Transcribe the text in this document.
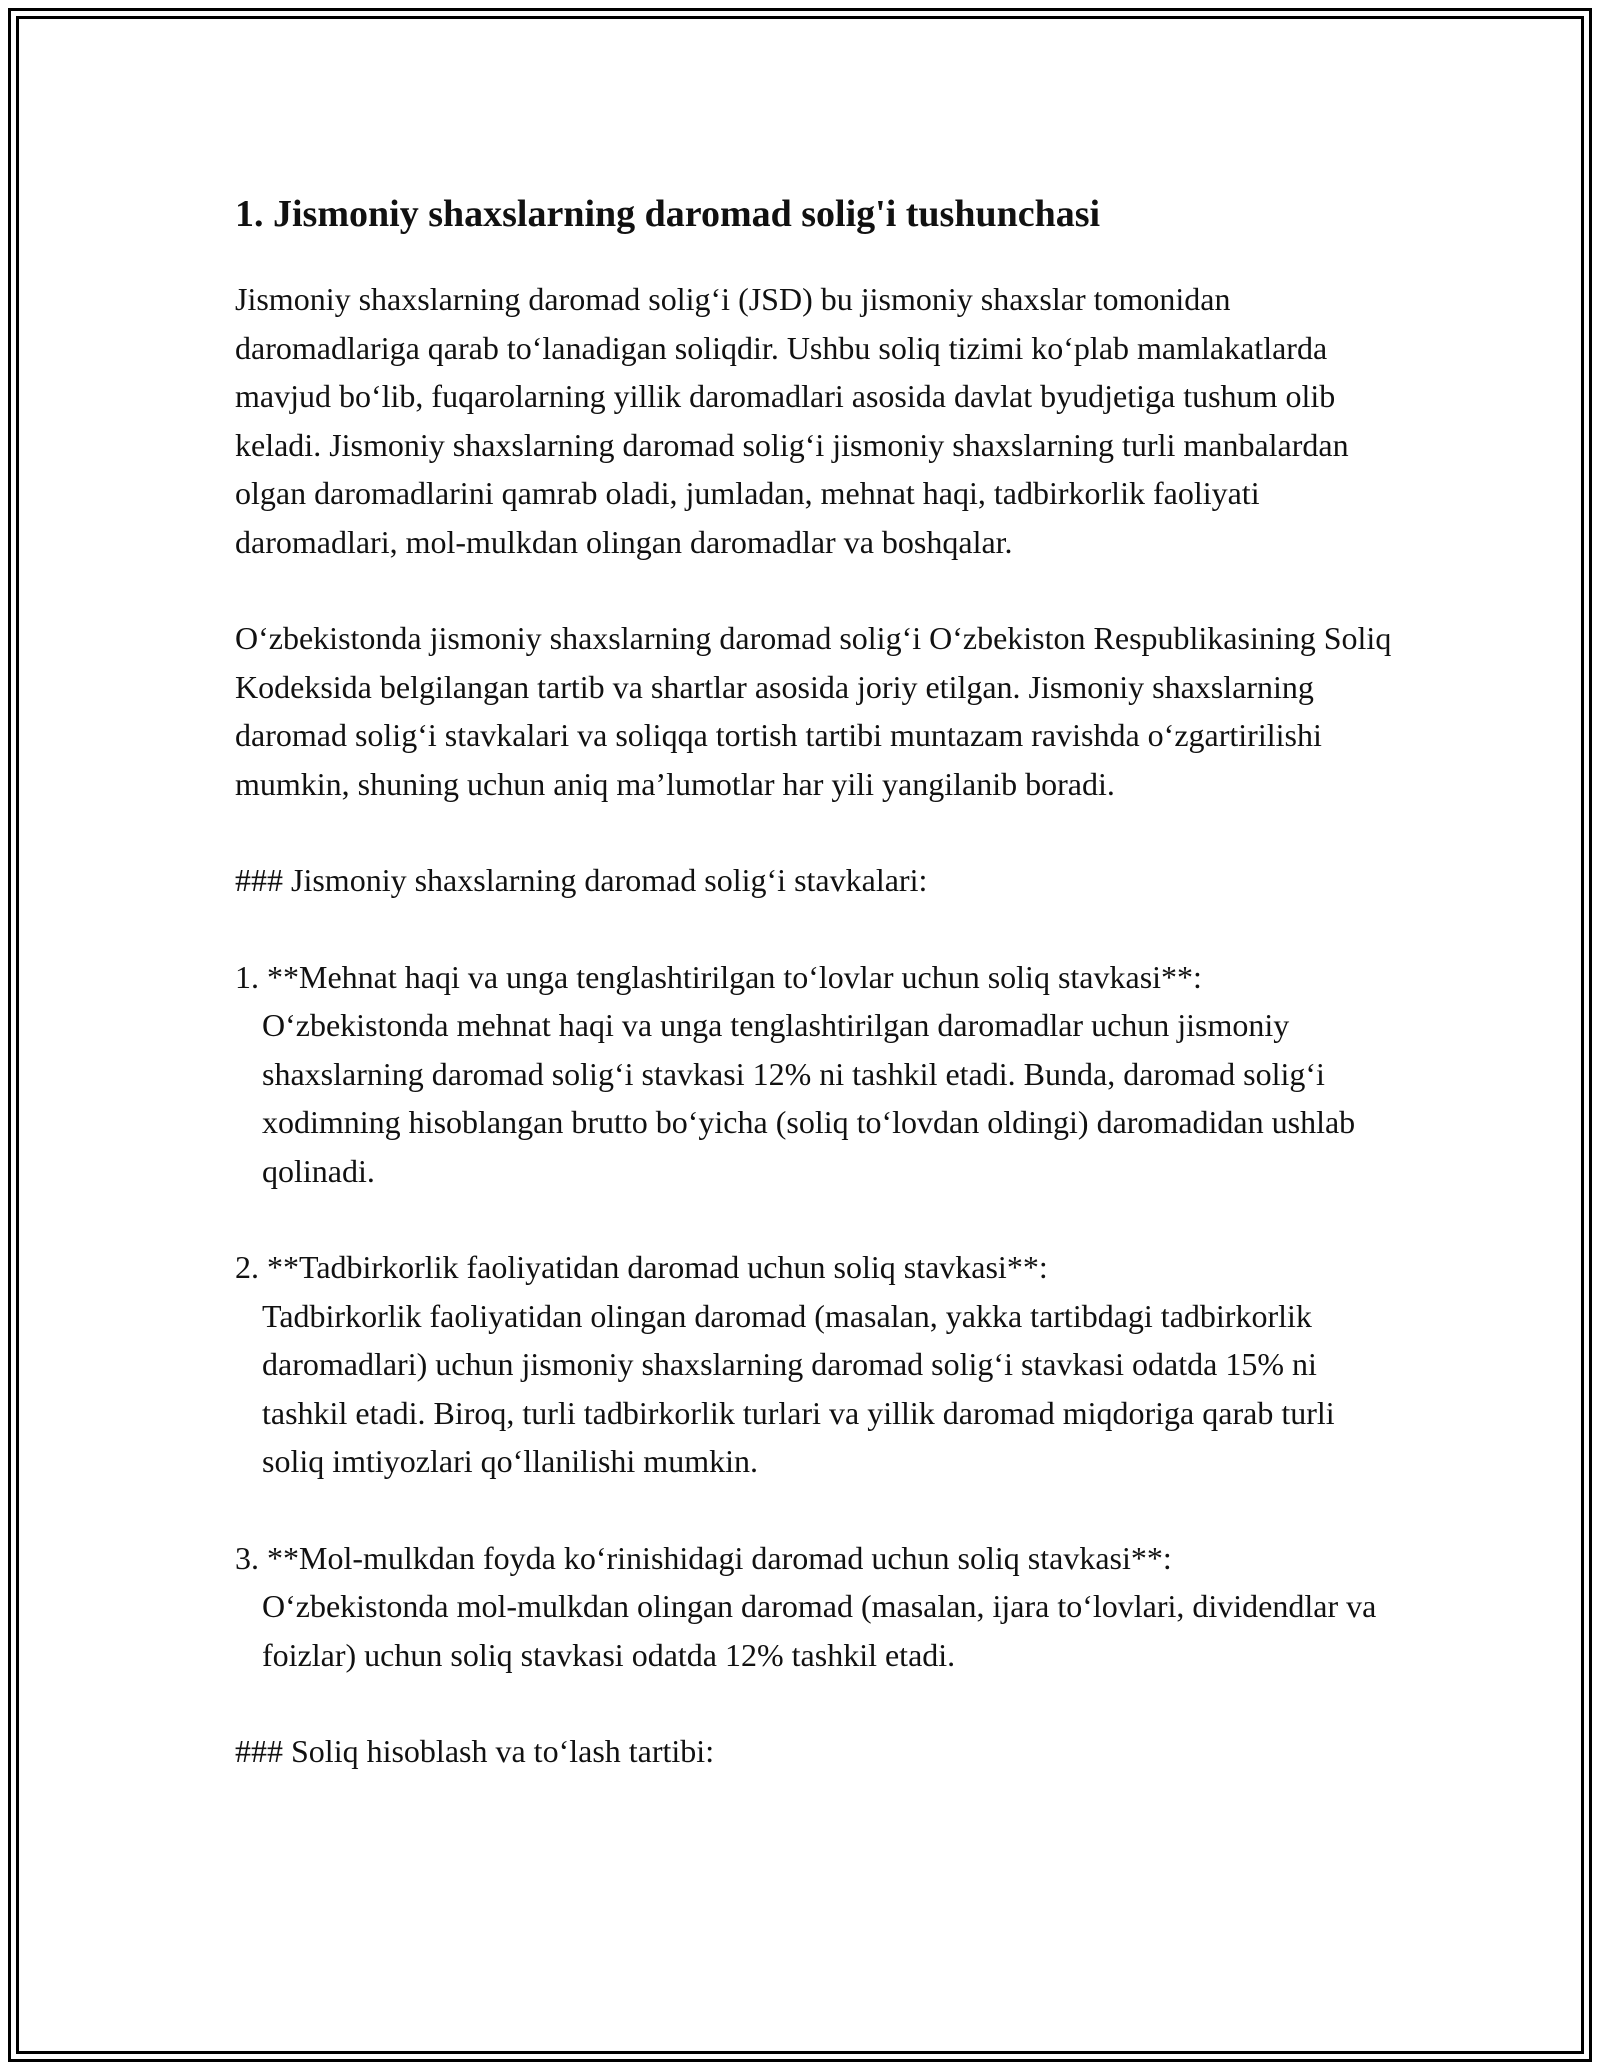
1. Jismoniy shaxslarning daromad solig'i tushunchasi

Jismoniy shaxslarning daromad solig‘i (JSD) bu jismoniy shaxslar tomonidan daromadlariga qarab to‘lanadigan soliqdir. Ushbu soliq tizimi ko‘plab mamlakatlarda mavjud bo‘lib, fuqarolarning yillik daromadlari asosida davlat byudjetiga tushum olib keladi. Jismoniy shaxslarning daromad solig‘i jismoniy shaxslarning turli manbalardan olgan daromadlarini qamrab oladi, jumladan, mehnat haqi, tadbirkorlik faoliyati daromadlari, mol-mulkdan olingan daromadlar va boshqalar.

O‘zbekistonda jismoniy shaxslarning daromad solig‘i O‘zbekiston Respublikasining Soliq Kodeksida belgilangan tartib va shartlar asosida joriy etilgan. Jismoniy shaxslarning daromad solig‘i stavkalari va soliqqa tortish tartibi muntazam ravishda o‘zgartirilishi mumkin, shuning uchun aniq ma’lumotlar har yili yangilanib boradi.

### Jismoniy shaxslarning daromad solig‘i stavkalari:

1. **Mehnat haqi va unga tenglashtirilgan to‘lovlar uchun soliq stavkasi**:
O‘zbekistonda mehnat haqi va unga tenglashtirilgan daromadlar uchun jismoniy shaxslarning daromad solig‘i stavkasi 12% ni tashkil etadi. Bunda, daromad solig‘i xodimning hisoblangan brutto bo‘yicha (soliq to‘lovdan oldingi) daromadidan ushlab qolinadi.
2. **Tadbirkorlik faoliyatidan daromad uchun soliq stavkasi**:
Tadbirkorlik faoliyatidan olingan daromad (masalan, yakka tartibdagi tadbirkorlik daromadlari) uchun jismoniy shaxslarning daromad solig‘i stavkasi odatda 15% ni tashkil etadi. Biroq, turli tadbirkorlik turlari va yillik daromad miqdoriga qarab turli soliq imtiyozlari qo‘llanilishi mumkin.
3. **Mol-mulkdan foyda ko‘rinishidagi daromad uchun soliq stavkasi**:
O‘zbekistonda mol-mulkdan olingan daromad (masalan, ijara to‘lovlari, dividendlar va foizlar) uchun soliq stavkasi odatda 12% tashkil etadi.

### Soliq hisoblash va to‘lash tartibi:
